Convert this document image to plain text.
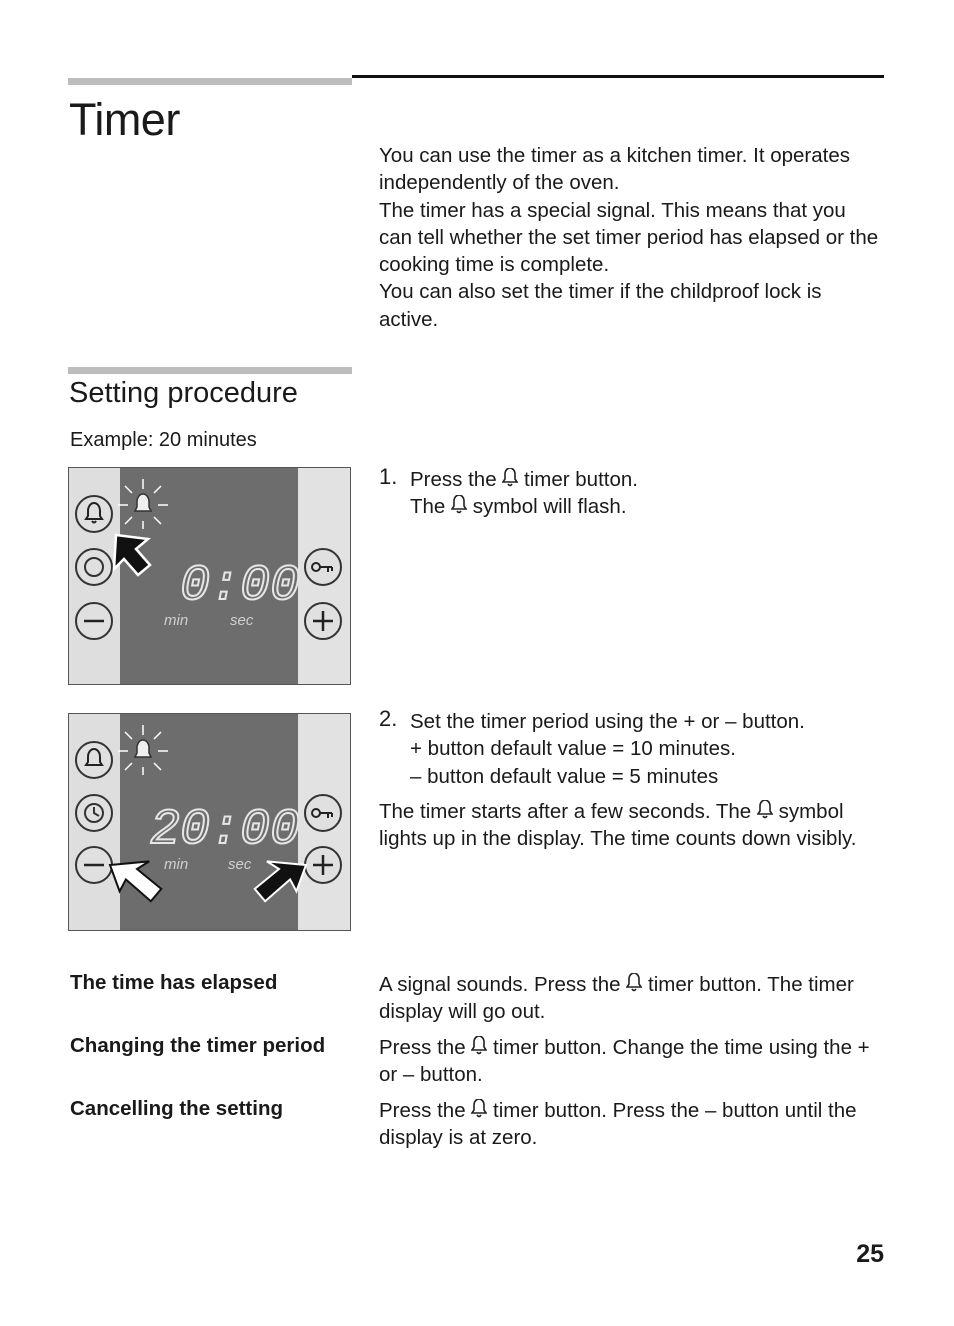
Timer

You can use the timer as a kitchen timer. It operates independently of the oven.

The timer has a special signal. This means that you can tell whether the set timer period has elapsed or the cooking time is complete.

You can also set the timer if the childproof lock is active.

Setting procedure
Example: 20 minutes
0:00
min	sec
1. Press the timer button.

The symbol will flash.

20:00
min	sec
2. Set the timer period using the + or – button.

+ button default value = 10 minutes.

– button default value = 5 minutes

The timer starts after a few seconds. The symbol lights up in the display. The time counts down visibly.

The time has elapsed	A signal sounds. Press the timer button. The timer display will go out.
Changing the timer period	Press the timer button. Change the time using the + or – button.
Cancelling the setting	Press the timer button. Press the – button until the display is at zero.
25
